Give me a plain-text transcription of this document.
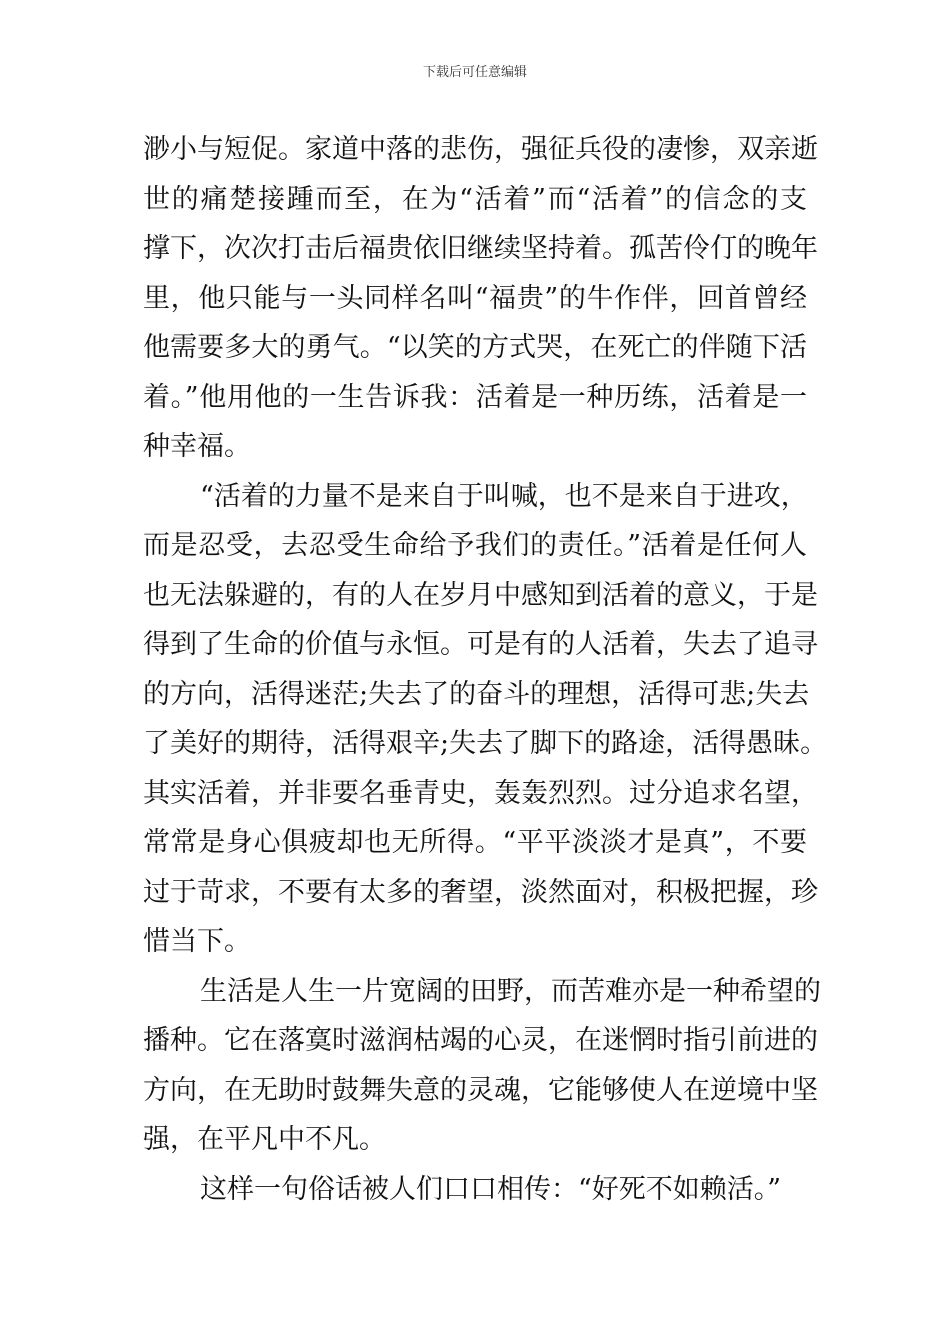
下载后可任意编辑
渺小与短促。家道中落的悲伤，强征兵役的凄惨，双亲逝
世的痛楚接踵而至，在为“活着”而“活着”的信念的支
撑下，次次打击后福贵依旧继续坚持着。孤苦伶仃的晚年
里，他只能与一头同样名叫“福贵”的牛作伴，回首曾经
他需要多大的勇气。“以笑的方式哭，在死亡的伴随下活
着。”他用他的一生告诉我：活着是一种历练，活着是一
种幸福。
“活着的力量不是来自于叫喊，也不是来自于进攻，
而是忍受，去忍受生命给予我们的责任。”活着是任何人
也无法躲避的，有的人在岁月中感知到活着的意义，于是
得到了生命的价值与永恒。可是有的人活着，失去了追寻
的方向，活得迷茫;失去了的奋斗的理想，活得可悲;失去
了美好的期待，活得艰辛;失去了脚下的路途，活得愚昧。
其实活着，并非要名垂青史，轰轰烈烈。过分追求名望，
常常是身心俱疲却也无所得。“平平淡淡才是真”，不要
过于苛求，不要有太多的奢望，淡然面对，积极把握，珍
惜当下。
生活是人生一片宽阔的田野，而苦难亦是一种希望的
播种。它在落寞时滋润枯竭的心灵，在迷惘时指引前进的
方向，在无助时鼓舞失意的灵魂，它能够使人在逆境中坚
强，在平凡中不凡。
这样一句俗话被人们口口相传：“好死不如赖活。”
